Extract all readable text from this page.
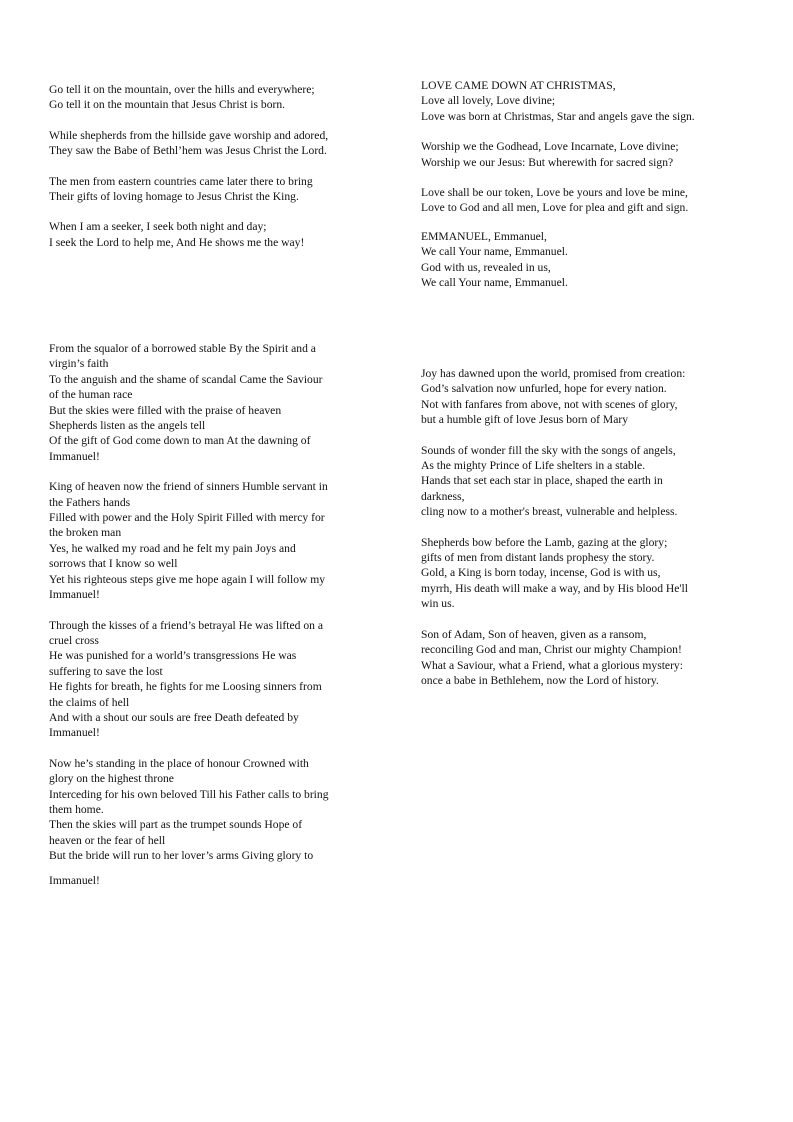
Go tell it on the mountain, over the hills and everywhere;
Go tell it on the mountain that Jesus Christ is born.

While shepherds from the hillside gave worship and adored,
They saw the Babe of Bethl’hem was Jesus Christ the Lord.

The men from eastern countries came later there to bring
Their gifts of loving homage to Jesus Christ the King.

When I am a seeker, I seek both night and day;
I seek the Lord to help me, And He shows me the way!

LOVE CAME DOWN AT CHRISTMAS,
Love all lovely, Love divine;
Love was born at Christmas, Star and angels gave the sign.

Worship we the Godhead, Love Incarnate, Love divine;
Worship we our Jesus: But wherewith for sacred sign?

Love shall be our token, Love be yours and love be mine,
Love to God and all men, Love for plea and gift and sign.

EMMANUEL, Emmanuel,
We call Your name, Emmanuel.
God with us, revealed in us,
We call Your name, Emmanuel.

From the squalor of a borrowed stable By the Spirit and a
virgin’s faith
To the anguish and the shame of scandal Came the Saviour
of the human race
But the skies were filled with the praise of heaven
Shepherds listen as the angels tell
Of the gift of God come down to man At the dawning of
Immanuel!

King of heaven now the friend of sinners Humble servant in
the Fathers hands
Filled with power and the Holy Spirit Filled with mercy for
the broken man
Yes, he walked my road and he felt my pain Joys and
sorrows that I know so well
Yet his righteous steps give me hope again I will follow my
Immanuel!

Through the kisses of a friend’s betrayal He was lifted on a
cruel cross
He was punished for a world’s transgressions He was
suffering to save the lost
He fights for breath, he fights for me Loosing sinners from
the claims of hell
And with a shout our souls are free Death defeated by
Immanuel!

Now he’s standing in the place of honour Crowned with
glory on the highest throne
Interceding for his own beloved Till his Father calls to bring
them home.
Then the skies will part as the trumpet sounds Hope of
heaven or the fear of hell
But the bride will run to her lover’s arms Giving glory to

Immanuel!

Joy has dawned upon the world, promised from creation:
God’s salvation now unfurled, hope for every nation.
Not with fanfares from above, not with scenes of glory,
but a humble gift of love Jesus born of Mary

Sounds of wonder fill the sky with the songs of angels,
As the mighty Prince of Life shelters in a stable.
Hands that set each star in place, shaped the earth in
darkness,
cling now to a mother's breast, vulnerable and helpless.

Shepherds bow before the Lamb, gazing at the glory;
gifts of men from distant lands prophesy the story.
Gold, a King is born today, incense, God is with us,
myrrh, His death will make a way, and by His blood He'll
win us.

Son of Adam, Son of heaven, given as a ransom,
reconciling God and man, Christ our mighty Champion!
What a Saviour, what a Friend, what a glorious mystery:
once a babe in Bethlehem, now the Lord of history.
